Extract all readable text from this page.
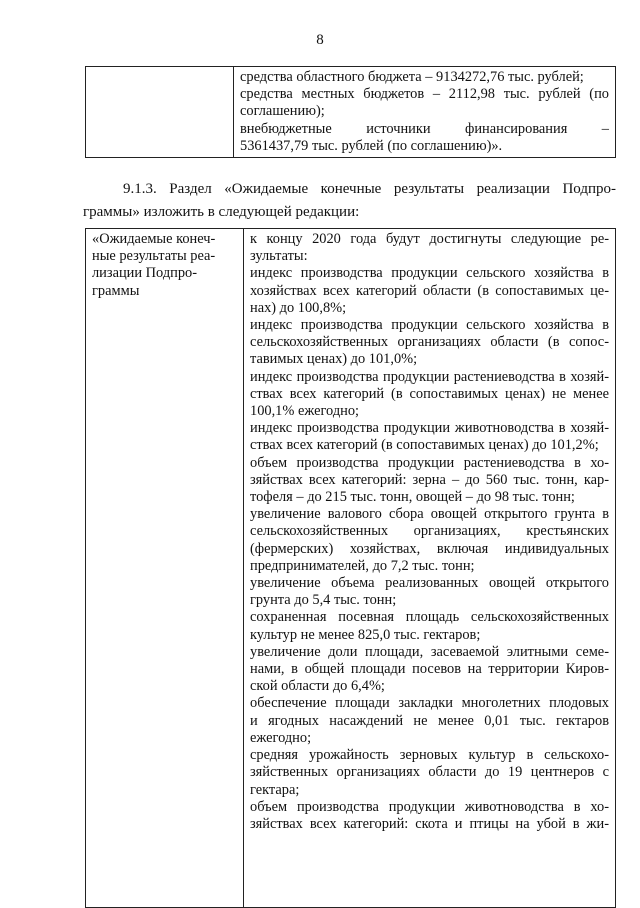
8

средства областного бюджета – 9134272,76 тыс. рублей;
средства местных бюджетов – 2112,98 тыс. рублей (по
соглашению);
внебюджетные источники финансирования –
5361437,79 тыс. рублей (по соглашению)».
9.1.3. Раздел «Ожидаемые конечные результаты реализации Подпро-
граммы» изложить в следующей редакции:
«Ожидаемые конеч-
ные результаты реа-
лизации Подпро-
граммы

к концу 2020 года будут достигнуты следующие ре-
зультаты:
индекс производства продукции сельского хозяйства в
хозяйствах всех категорий области (в сопоставимых це-
нах) до 100,8%;
индекс производства продукции сельского хозяйства в
сельскохозяйственных организациях области (в сопос-
тавимых ценах) до 101,0%;
индекс производства продукции растениеводства в хозяй-
ствах всех категорий (в сопоставимых ценах) не менее
100,1% ежегодно;
индекс производства продукции животноводства в хозяй-
ствах всех категорий (в сопоставимых ценах) до 101,2%;
объем производства продукции растениеводства в хо-
зяйствах всех категорий: зерна – до 560 тыс. тонн, кар-
тофеля – до 215 тыс. тонн, овощей – до 98 тыс. тонн;
увеличение валового сбора овощей открытого грунта в
сельскохозяйственных организациях, крестьянских
(фермерских) хозяйствах, включая индивидуальных
предпринимателей, до 7,2 тыс. тонн;
увеличение объема реализованных овощей открытого
грунта до 5,4 тыс. тонн;
сохраненная посевная площадь сельскохозяйственных
культур не менее 825,0 тыс. гектаров;
увеличение доли площади, засеваемой элитными семе-
нами, в общей площади посевов на территории Киров-
ской области до 6,4%;
обеспечение площади закладки многолетних плодовых
и ягодных насаждений не менее 0,01 тыс. гектаров
ежегодно;
средняя урожайность зерновых культур в сельскохо-
зяйственных организациях области до 19 центнеров с
гектара;
объем производства продукции животноводства в хо-
зяйствах всех категорий: скота и птицы на убой в жи-
